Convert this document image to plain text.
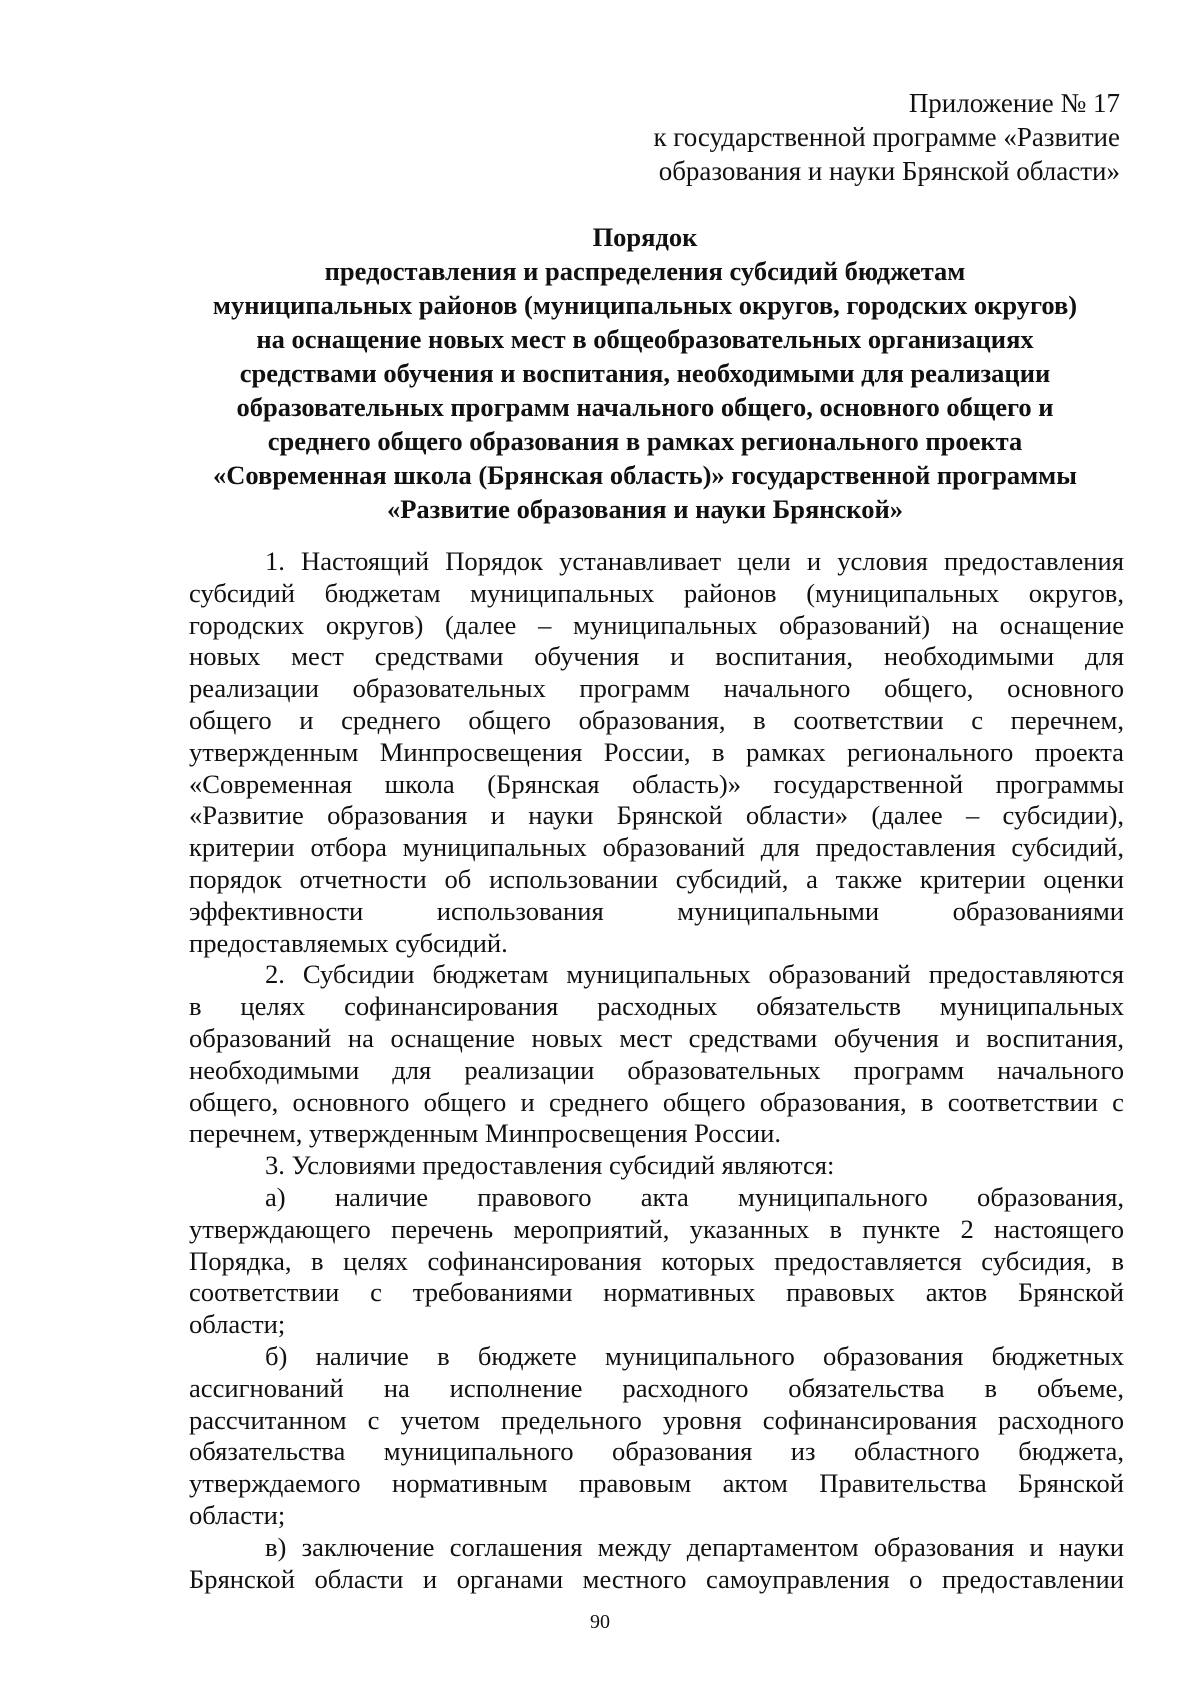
Приложение № 17
к государственной программе «Развитие
образования и науки Брянской области»
Порядок
предоставления и распределения субсидий бюджетам
муниципальных районов (муниципальных округов, городских округов)
на оснащение новых мест в общеобразовательных организациях
средствами обучения и воспитания, необходимыми для реализации
образовательных программ начального общего, основного общего и
среднего общего образования в рамках регионального проекта
«Современная школа (Брянская область)» государственной программы
«Развитие образования и науки Брянской»
1. Настоящий Порядок устанавливает цели и условия предоставления
субсидий бюджетам муниципальных районов (муниципальных округов,
городских округов) (далее – муниципальных образований) на оснащение
новых мест средствами обучения и воспитания, необходимыми для
реализации образовательных программ начального общего, основного
общего и среднего общего образования, в соответствии с перечнем,
утвержденным Минпросвещения России, в рамках регионального проекта
«Современная школа (Брянская область)» государственной программы
«Развитие образования и науки Брянской области» (далее – субсидии),
критерии отбора муниципальных образований для предоставления субсидий,
порядок отчетности об использовании субсидий, а также критерии оценки
эффективности использования муниципальными образованиями
предоставляемых субсидий.
2. Субсидии бюджетам муниципальных образований предоставляются
в целях софинансирования расходных обязательств муниципальных
образований на оснащение новых мест средствами обучения и воспитания,
необходимыми для реализации образовательных программ начального
общего, основного общего и среднего общего образования, в соответствии с
перечнем, утвержденным Минпросвещения России.
3. Условиями предоставления субсидий являются:
а) наличие правового акта муниципального образования,
утверждающего перечень мероприятий, указанных в пункте 2 настоящего
Порядка, в целях софинансирования которых предоставляется субсидия, в
соответствии с требованиями нормативных правовых актов Брянской
области;
б) наличие в бюджете муниципального образования бюджетных
ассигнований на исполнение расходного обязательства в объеме,
рассчитанном с учетом предельного уровня софинансирования расходного
обязательства муниципального образования из областного бюджета,
утверждаемого нормативным правовым актом Правительства Брянской
области;
в) заключение соглашения между департаментом образования и науки
Брянской области и органами местного самоуправления о предоставлении
90
